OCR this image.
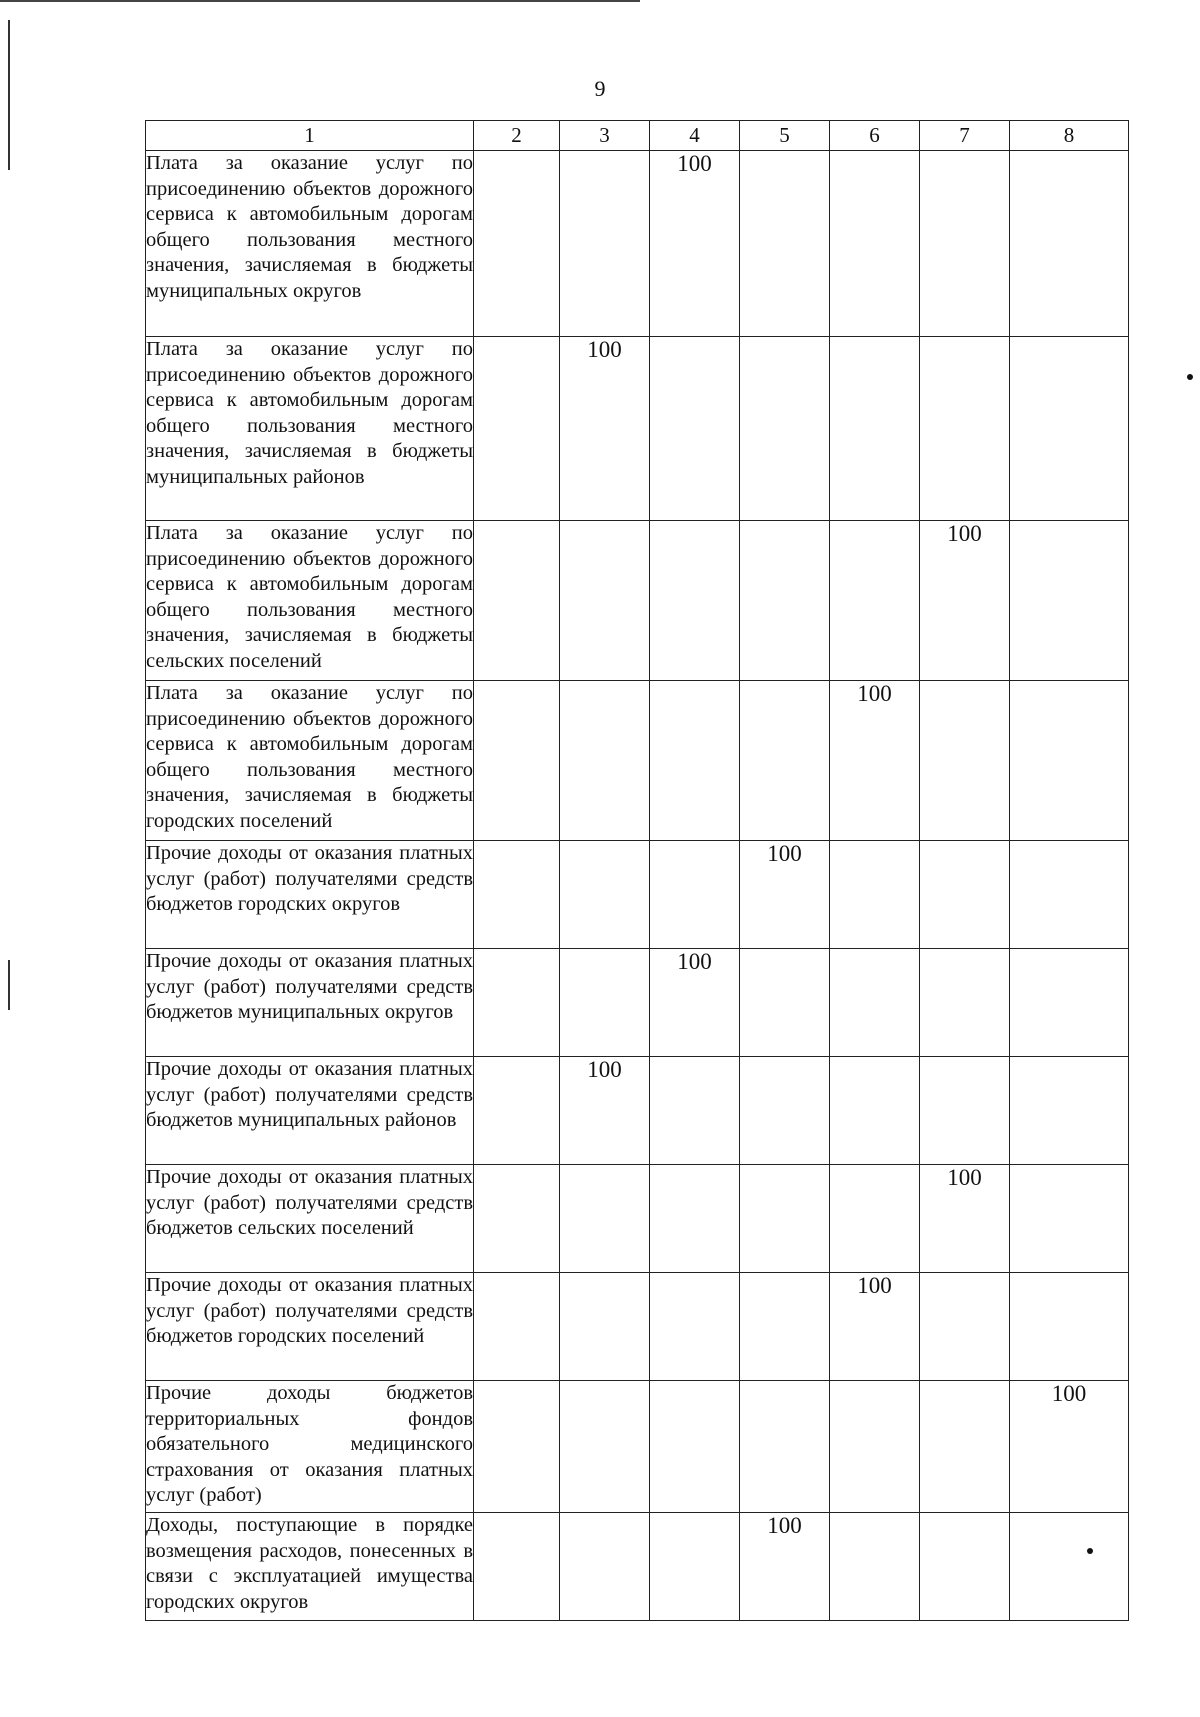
9
1	2	3	4	5	6	7	8
Плата за оказание услуг по присоединению объектов дорожного сервиса к автомобильным дорогам общего пользования местного значения, зачисляемая в бюджеты муниципальных округов			100				
Плата за оказание услуг по присоединению объектов дорожного сервиса к автомобильным дорогам общего пользования местного значения, зачисляемая в бюджеты муниципальных районов		100					
Плата за оказание услуг по присоединению объектов дорожного сервиса к автомобильным дорогам общего пользования местного значения, зачисляемая в бюджеты сельских поселений						100	
Плата за оказание услуг по присоединению объектов дорожного сервиса к автомобильным дорогам общего пользования местного значения, зачисляемая в бюджеты городских поселений					100		
Прочие доходы от оказания платных услуг (работ) получателями средств бюджетов городских округов				100			
Прочие доходы от оказания платных услуг (работ) получателями средств бюджетов муниципальных округов			100				
Прочие доходы от оказания платных услуг (работ) получателями средств бюджетов муниципальных районов		100					
Прочие доходы от оказания платных услуг (работ) получателями средств бюджетов сельских поселений						100	
Прочие доходы от оказания платных услуг (работ) получателями средств бюджетов городских поселений					100		
Прочие доходы бюджетов территориальных фондов обязательного медицинского страхования от оказания платных услуг (работ)							100
Доходы, поступающие в порядке возмещения расходов, понесенных в связи с эксплуатацией имущества городских округов				100			
